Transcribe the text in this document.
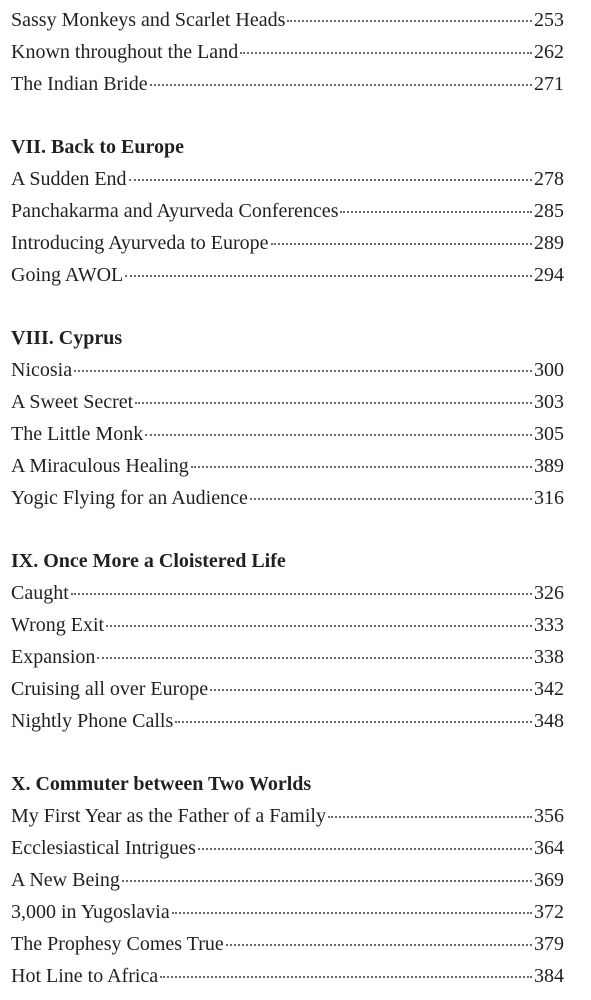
Sassy Monkeys and Scarlet Heads	253
Known throughout the Land	262
The Indian Bride	271
VII. Back to Europe
A Sudden End	278
Panchakarma and Ayurveda Conferences	285
Introducing Ayurveda to Europe	289
Going AWOL	294
VIII. Cyprus
Nicosia	300
A Sweet Secret	303
The Little Monk	305
A Miraculous Healing	389
Yogic Flying for an Audience	316
IX. Once More a Cloistered Life
Caught	326
Wrong Exit	333
Expansion	338
Cruising all over Europe	342
Nightly Phone Calls	348
X. Commuter between Two Worlds
My First Year as the Father of a Family	356
Ecclesiastical Intrigues	364
A New Being	369
3,000 in Yugoslavia	372
The Prophesy Comes True	379
Hot Line to Africa	384
